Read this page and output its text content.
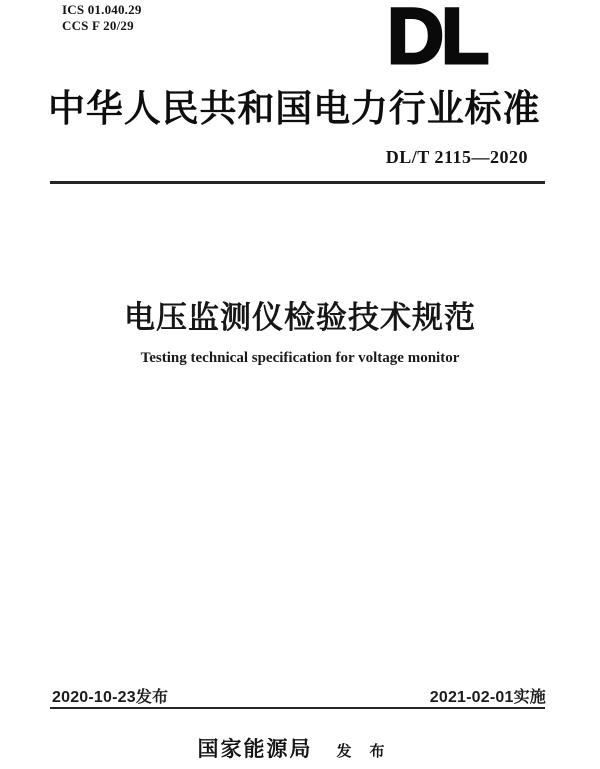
ICS 01.040.29
CCS F 20/29	DL
中华人民共和国电力行业标准
DL/T 2115—2020
电压监测仪检验技术规范
Testing technical specification for voltage monitor
2020-10-23发布	2021-02-01实施
国家能源局 发布
